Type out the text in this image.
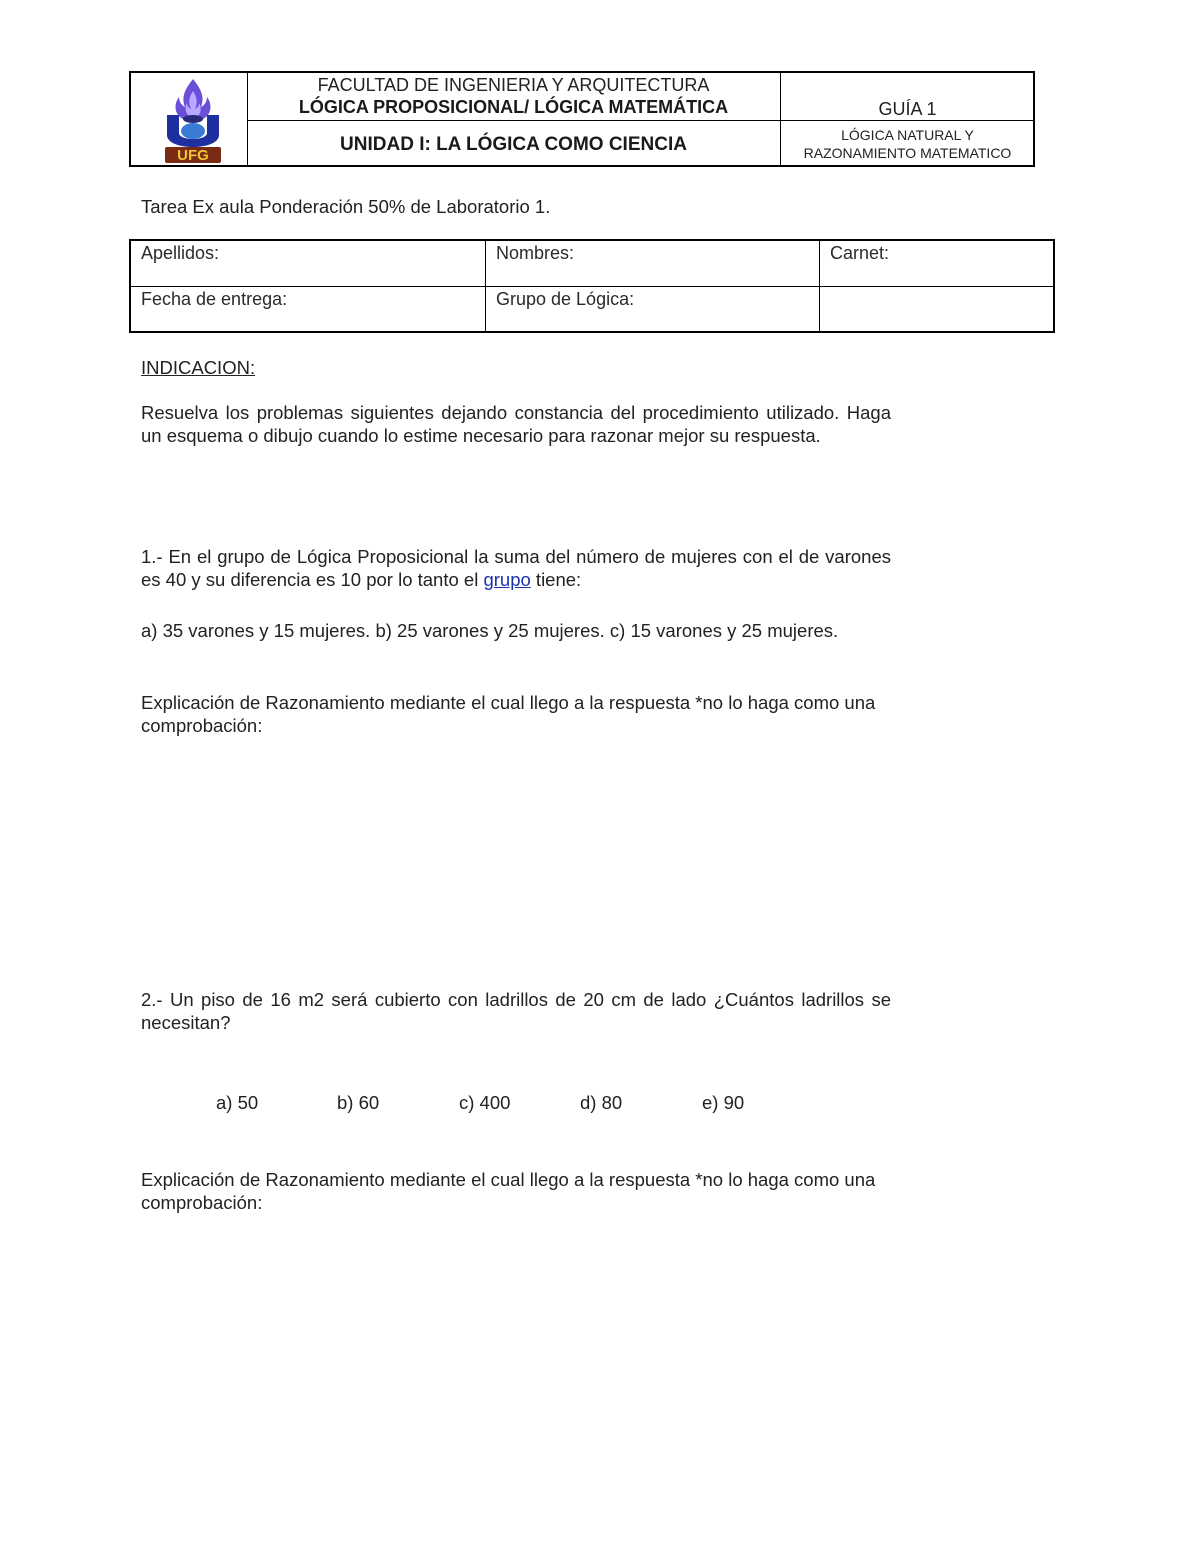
UFG
FACULTAD DE INGENIERIA Y ARQUITECTURA
LÓGICA PROPOSICIONAL/ LÓGICA MATEMÁTICA	GUÍA 1
UNIDAD I: LA LÓGICA COMO CIENCIA	LÓGICA NATURAL Y
RAZONAMIENTO MATEMATICO
Tarea Ex aula Ponderación 50% de Laboratorio 1.
Apellidos:	Nombres:	Carnet:
Fecha de entrega:	Grupo de Lógica:
INDICACION:
Resuelva los problemas siguientes dejando constancia del procedimiento utilizado. Haga un esquema o dibujo cuando lo estime necesario para razonar mejor su respuesta.
1.- En el grupo de Lógica Proposicional la suma del número de mujeres con el de varones es 40 y su diferencia es 10 por lo tanto el grupo tiene:
a) 35 varones y 15 mujeres. b) 25 varones y 25 mujeres. c) 15 varones y 25 mujeres.
Explicación de Razonamiento mediante el cual llego a la respuesta *no lo haga como una comprobación:
2.- Un piso de 16 m2 será cubierto con ladrillos de 20 cm de lado ¿Cuántos ladrillos se necesitan?
a) 50	b) 60	c) 400	d) 80	e) 90
Explicación de Razonamiento mediante el cual llego a la respuesta *no lo haga como una comprobación:
